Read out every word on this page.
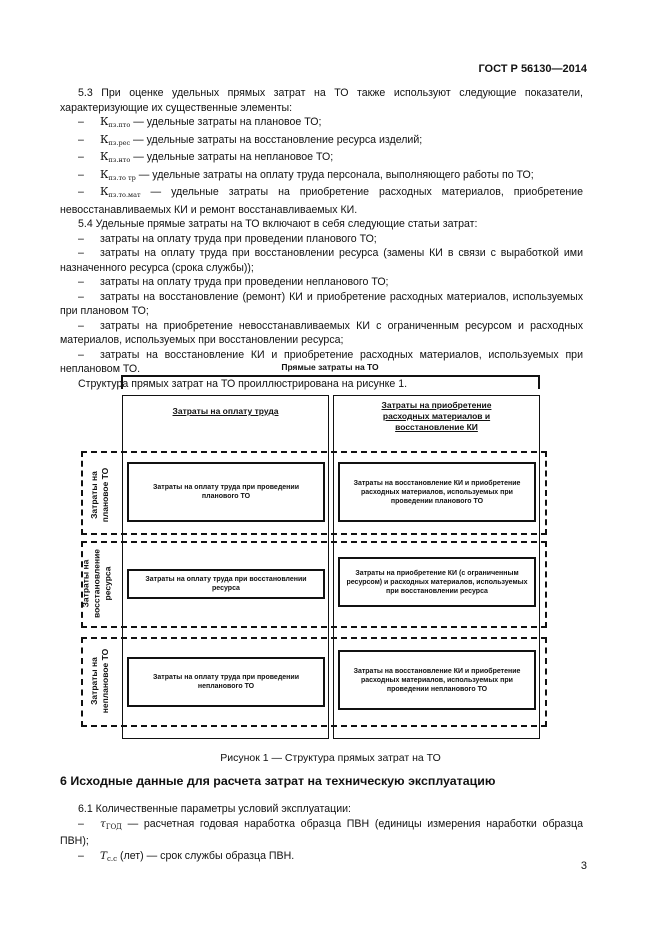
ГОСТ Р 56130—2014

5.3 При оценке удельных прямых затрат на ТО также используют следующие показатели, характеризующие их существенные элементы:

– $К_{пз.пто}$ — удельные затраты на плановое ТО;

– $К_{пз.рес}$ — удельные затраты на восстановление ресурса изделий;

– $К_{пз.нто}$ — удельные затраты на неплановое ТО;

– $К_{пз.то тр}$ — удельные затраты на оплату труда персонала, выполняющего работы по ТО;

– $К_{пз.то.мат}$ — удельные затраты на приобретение расходных материалов, приобретение невосстанавливаемых КИ и ремонт восстанавливаемых КИ.

5.4 Удельные прямые затраты на ТО включают в себя следующие статьи затрат:

– затраты на оплату труда при проведении планового ТО;

– затраты на оплату труда при восстановлении ресурса (замены КИ в связи с выработкой ими назначенного ресурса (срока службы));

– затраты на оплату труда при проведении непланового ТО;

– затраты на восстановление (ремонт) КИ и приобретение расходных материалов, используемых при плановом ТО;

– затраты на приобретение невосстанавливаемых КИ с ограниченным ресурсом и расходных материалов, используемых при восстановлении ресурса;

– затраты на восстановление КИ и приобретение расходных материалов, используемых при неплановом ТО.

Структура прямых затрат на ТО проиллюстрирована на рисунке 1.

Прямые затраты на ТО
Затраты на оплату труда
Затраты на приобретение расходных материалов и восстановление КИ
Затраты на плановое ТО	Затраты на оплату труда при проведении планового ТО
Затраты на восстановление КИ и приобретение расходных материалов, используемых при проведении планового ТО
Затраты на восстановление ресурса	Затраты на оплату труда при восстановлении ресурса
Затраты на приобретение КИ (с ограниченным ресурсом) и расходных материалов, используемых при восстановлении ресурса
Затраты на неплановое ТО	Затраты на оплату труда при проведении непланового ТО
Затраты на восстановление КИ и приобретение расходных материалов, используемых при проведении непланового ТО
Рисунок 1 — Структура прямых затрат на ТО
6 Исходные данные для расчета затрат на техническую эксплуатацию

6.1 Количественные параметры условий эксплуатации:

– $\tau_{ГОД}$ — расчетная годовая наработка образца ПВН (единицы измерения наработки образца ПВН);

– $T_{с.с}$ (лет) — срок службы образца ПВН.

3
